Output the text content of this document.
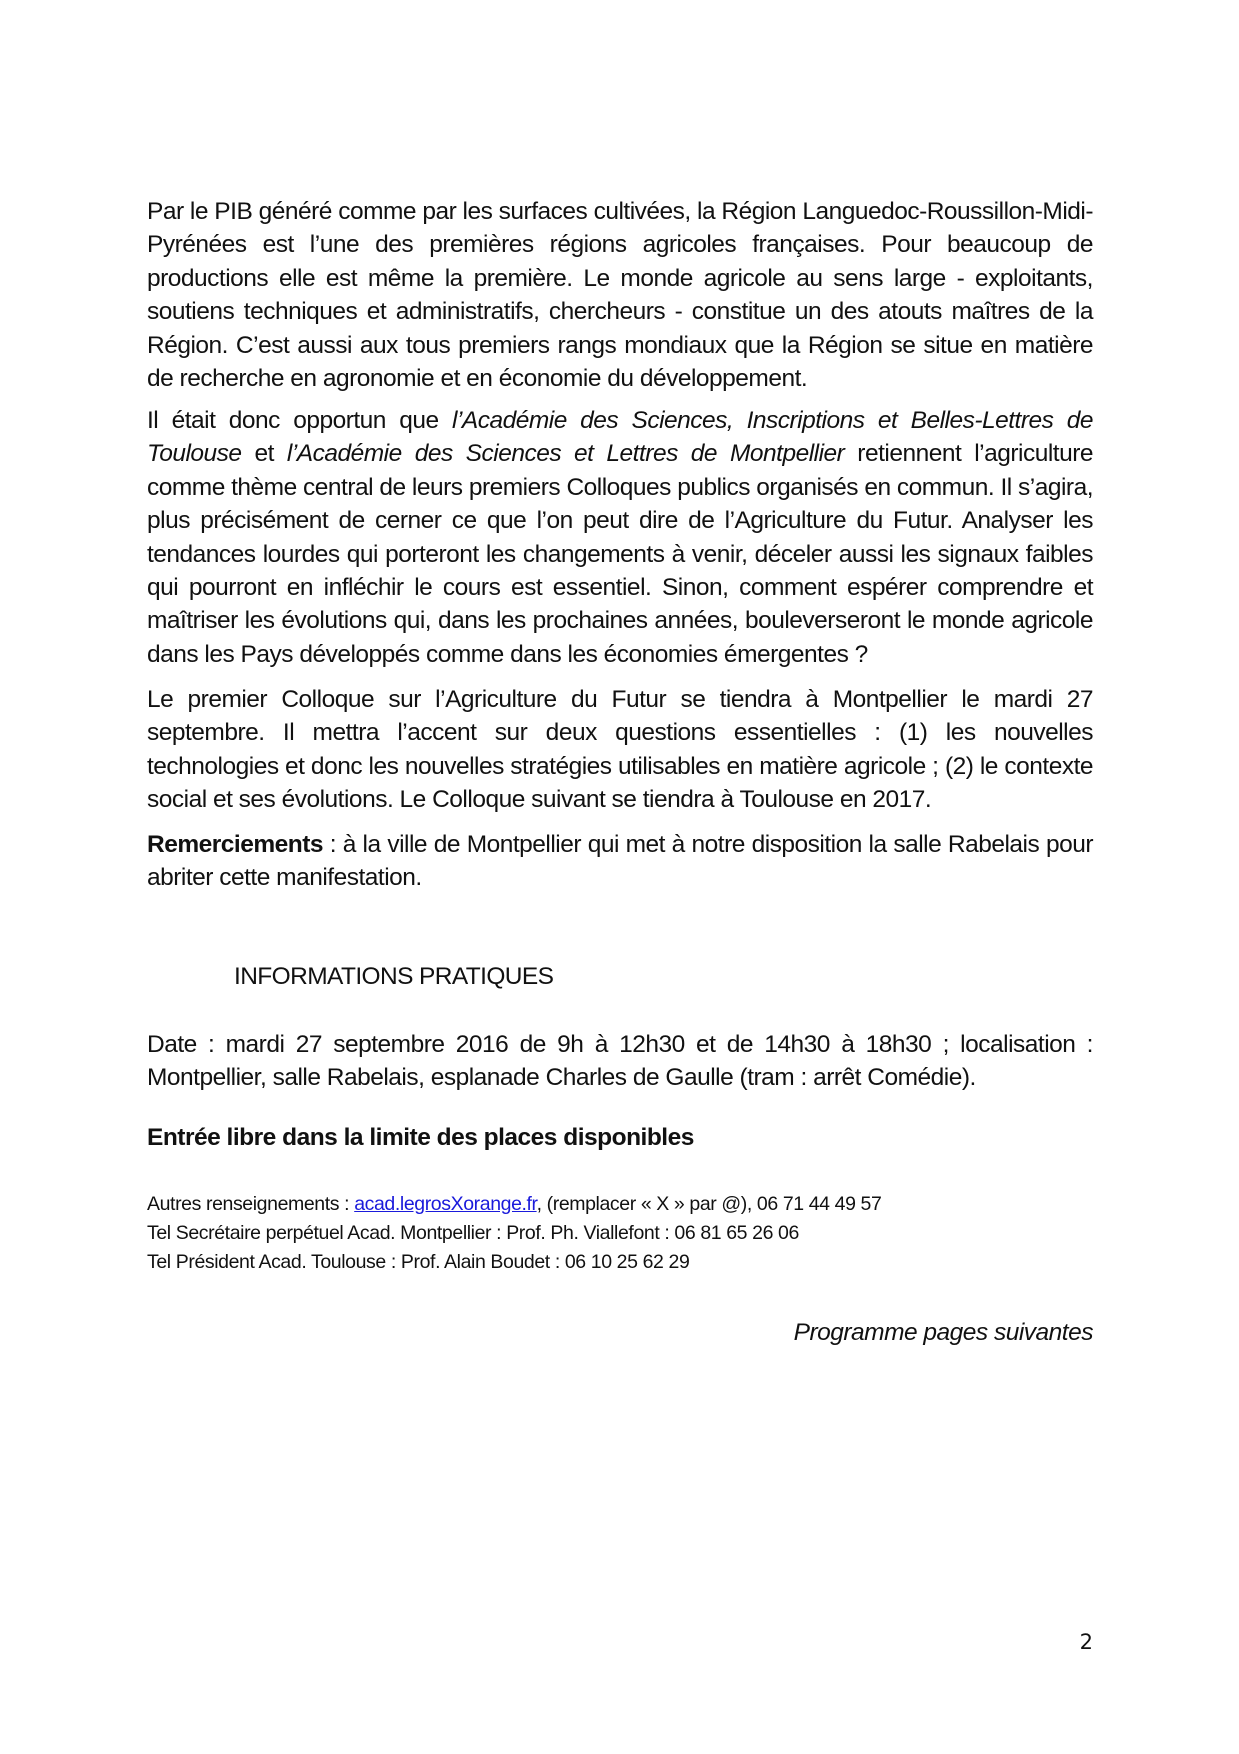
Par le PIB généré comme par les surfaces cultivées, la Région Languedoc-Roussillon-Midi-Pyrénées est l’une des premières régions agricoles françaises. Pour beaucoup de productions elle est même la première. Le monde agricole au sens large - exploitants, soutiens techniques et administratifs, chercheurs - constitue un des atouts maîtres de la Région. C’est aussi aux tous premiers rangs mondiaux que la Région se situe en matière de recherche en agronomie et en économie du développement.

Il était donc opportun que l’Académie des Sciences, Inscriptions et Belles-Lettres de Toulouse et l’Académie des Sciences et Lettres de Montpellier retiennent l’agriculture comme thème central de leurs premiers Colloques publics organisés en commun. Il s’agira, plus précisément de cerner ce que l’on peut dire de l’Agriculture du Futur. Analyser les tendances lourdes qui porteront les changements à venir, déceler aussi les signaux faibles qui pourront en infléchir le cours est essentiel. Sinon, comment espérer comprendre et maîtriser les évolutions qui, dans les prochaines années, bouleverseront le monde agricole dans les Pays développés comme dans les économies émergentes ?

Le premier Colloque sur l’Agriculture du Futur se tiendra à Montpellier le mardi 27 septembre. Il mettra l’accent sur deux questions essentielles : (1) les nouvelles technologies et donc les nouvelles stratégies utilisables en matière agricole ; (2) le contexte social et ses évolutions. Le Colloque suivant se tiendra à Toulouse en 2017.

Remerciements : à la ville de Montpellier qui met à notre disposition la salle Rabelais pour abriter cette manifestation.

INFORMATIONS PRATIQUES

Date : mardi 27 septembre 2016 de 9h à 12h30 et de 14h30 à 18h30 ; localisation : Montpellier, salle Rabelais, esplanade Charles de Gaulle (tram : arrêt Comédie).

Entrée libre dans la limite des places disponibles

Autres renseignements : acad.legrosXorange.fr, (remplacer « X » par @), 06 71 44 49 57
Tel Secrétaire perpétuel Acad. Montpellier : Prof. Ph. Viallefont : 06 81 65 26 06
Tel Président Acad. Toulouse : Prof. Alain Boudet : 06 10 25 62 29

Programme pages suivantes

2
